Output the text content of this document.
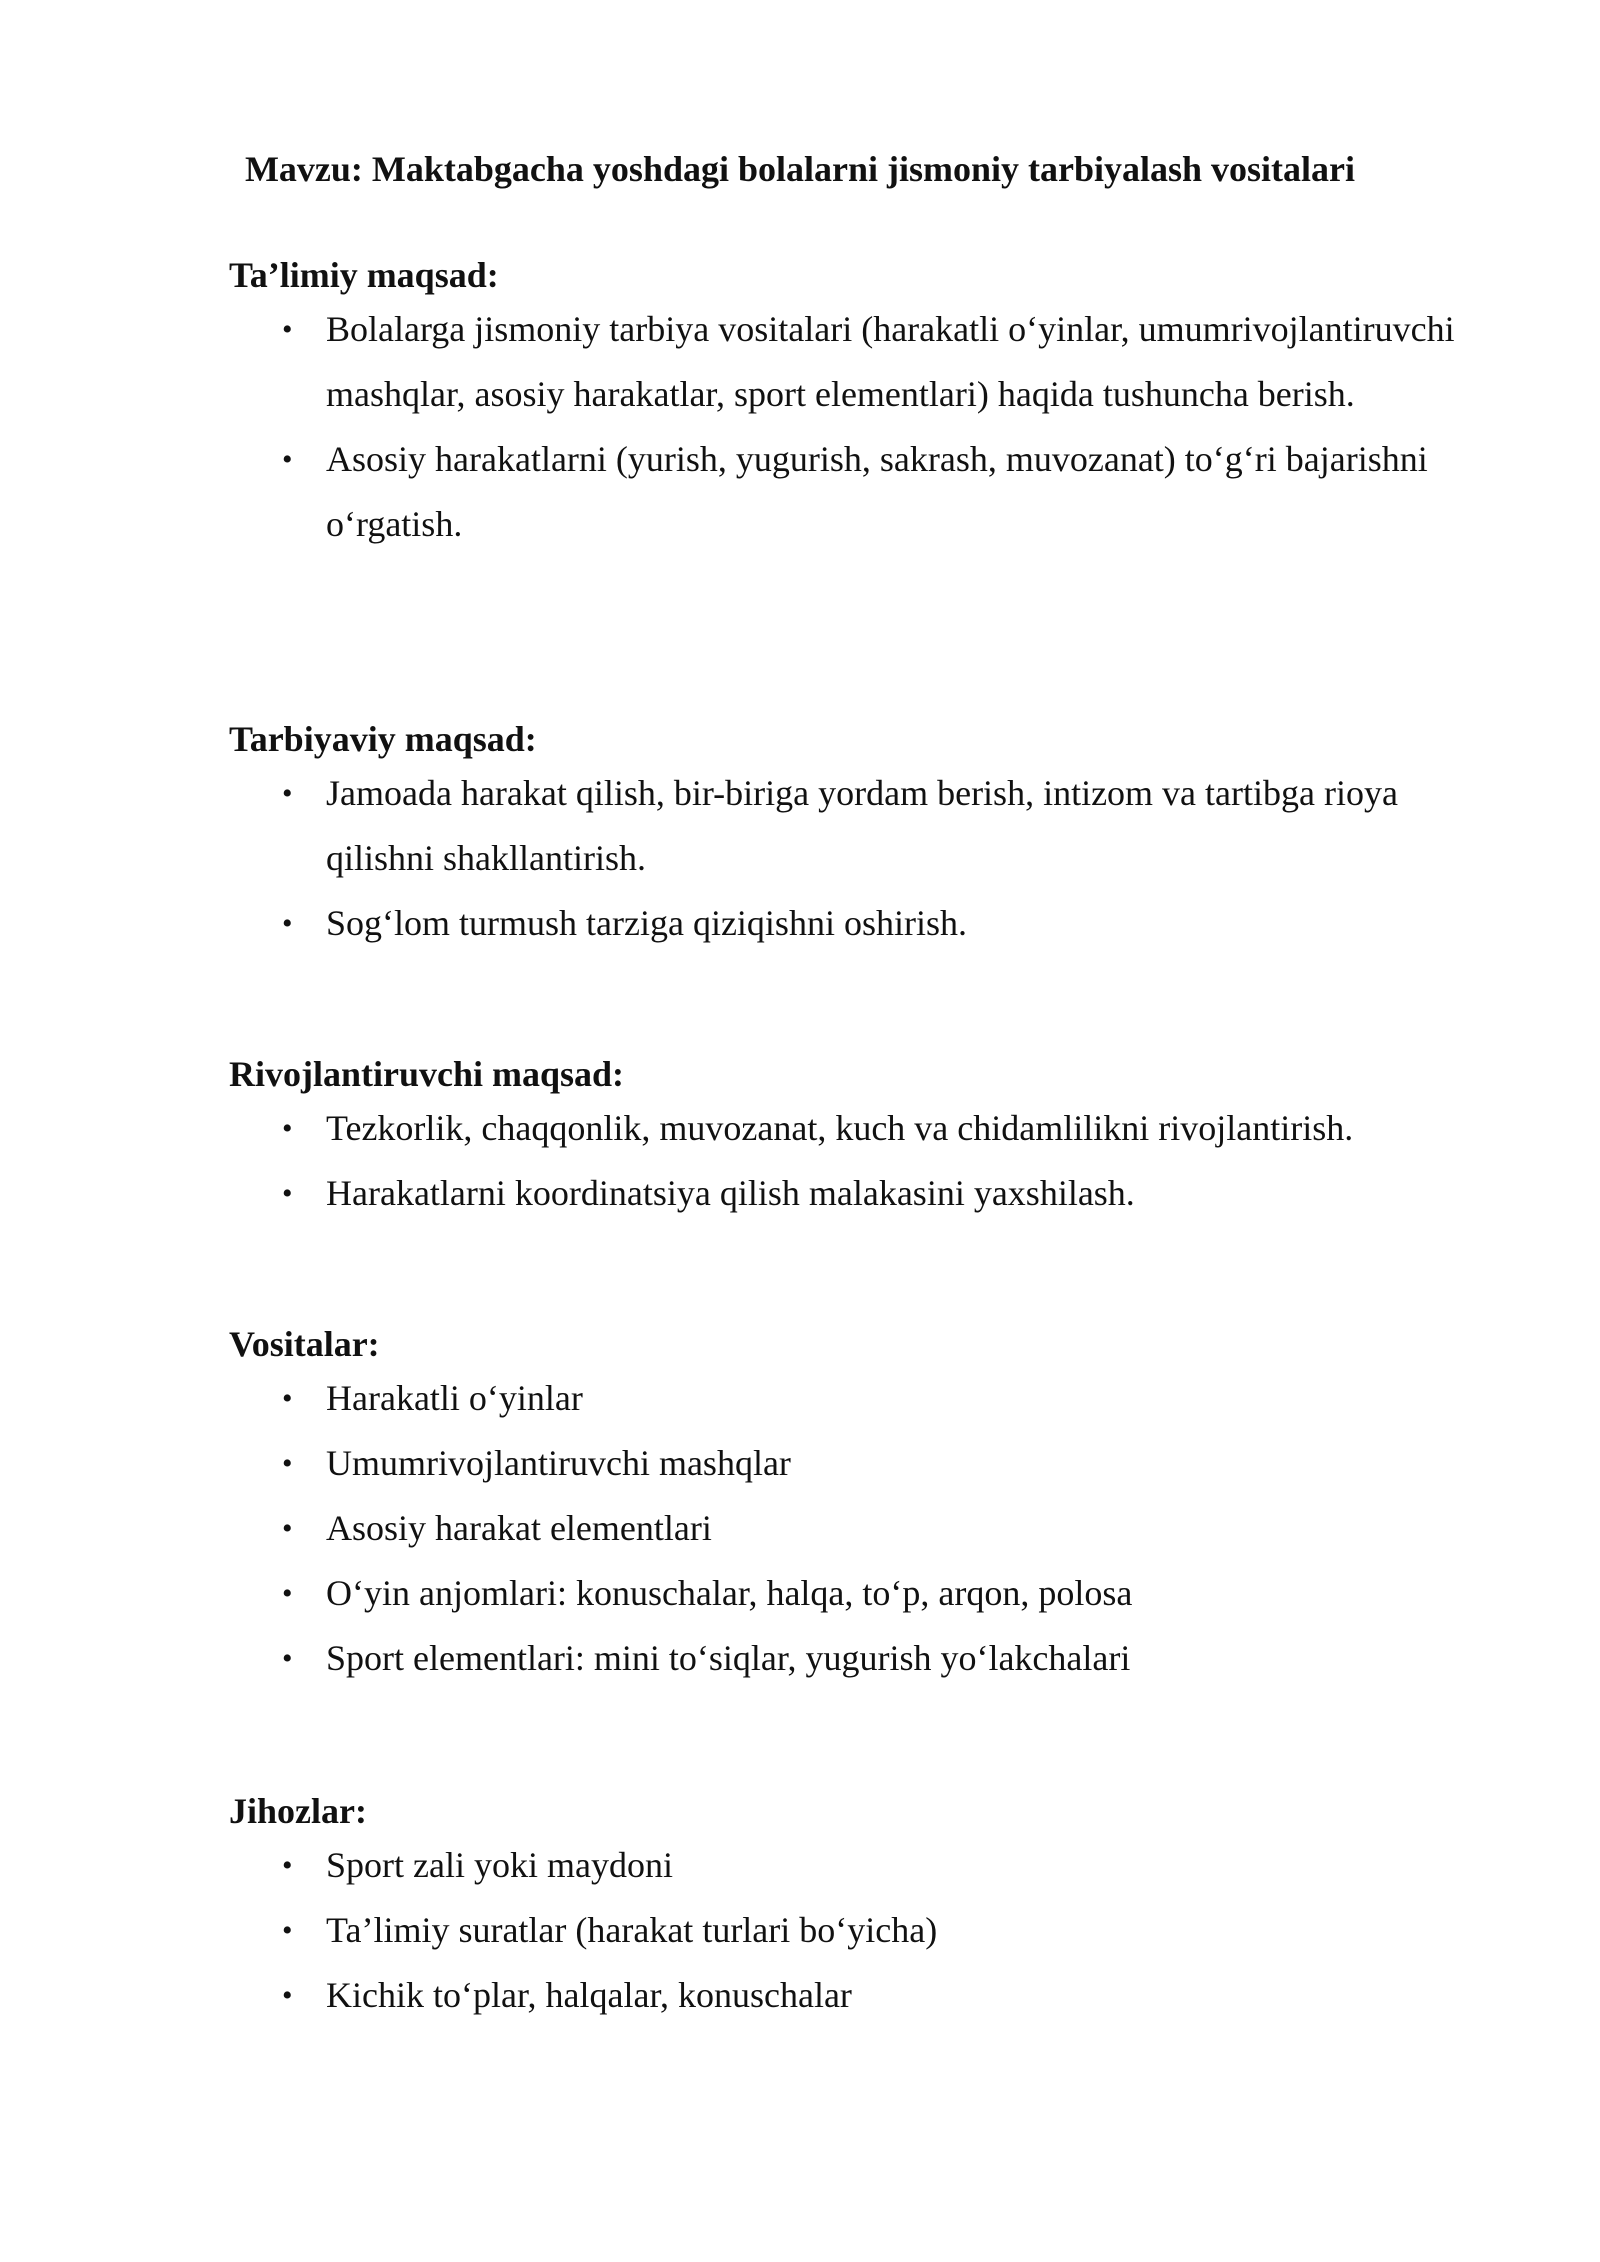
Mavzu: Maktabgacha yoshdagi bolalarni jismoniy tarbiyalash vositalari
Ta’limiy maqsad:
• Bolalarga jismoniy tarbiya vositalari (harakatli o‘yinlar, umumrivojlantiruvchi mashqlar, asosiy harakatlar, sport elementlari) haqida tushuncha berish.
• Asosiy harakatlarni (yurish, yugurish, sakrash, muvozanat) to‘g‘ri bajarishni o‘rgatish.
Tarbiyaviy maqsad:
• Jamoada harakat qilish, bir-biriga yordam berish, intizom va tartibga rioya qilishni shakllantirish.
• Sog‘lom turmush tarziga qiziqishni oshirish.
Rivojlantiruvchi maqsad:
• Tezkorlik, chaqqonlik, muvozanat, kuch va chidamlilikni rivojlantirish.
• Harakatlarni koordinatsiya qilish malakasini yaxshilash.
Vositalar:
• Harakatli o‘yinlar
• Umumrivojlantiruvchi mashqlar
• Asosiy harakat elementlari
• O‘yin anjomlari: konuschalar, halqa, to‘p, arqon, polosa
• Sport elementlari: mini to‘siqlar, yugurish yo‘lakchalari
Jihozlar:
• Sport zali yoki maydoni
• Ta’limiy suratlar (harakat turlari bo‘yicha)
• Kichik to‘plar, halqalar, konuschalar
